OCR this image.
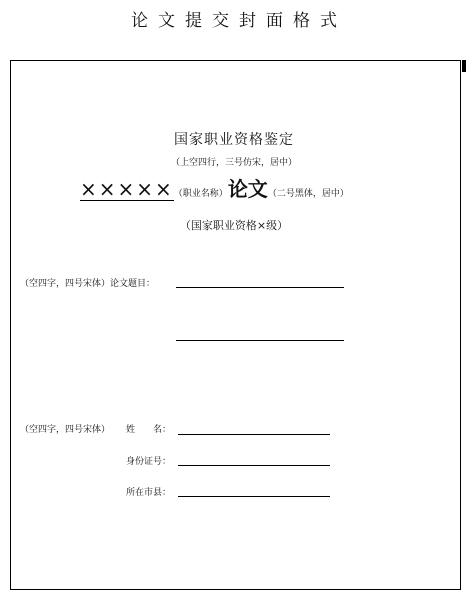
论文提交封面格式
国家职业资格鉴定
（上空四行，三号仿宋，居中）
×××××（职业名称）论文（二号黑体，居中）
（国家职业资格×级）
（空四字，四号宋体）论文题目：
（空四字，四号宋体） 姓　　名：
身份证号：
所在市县：
